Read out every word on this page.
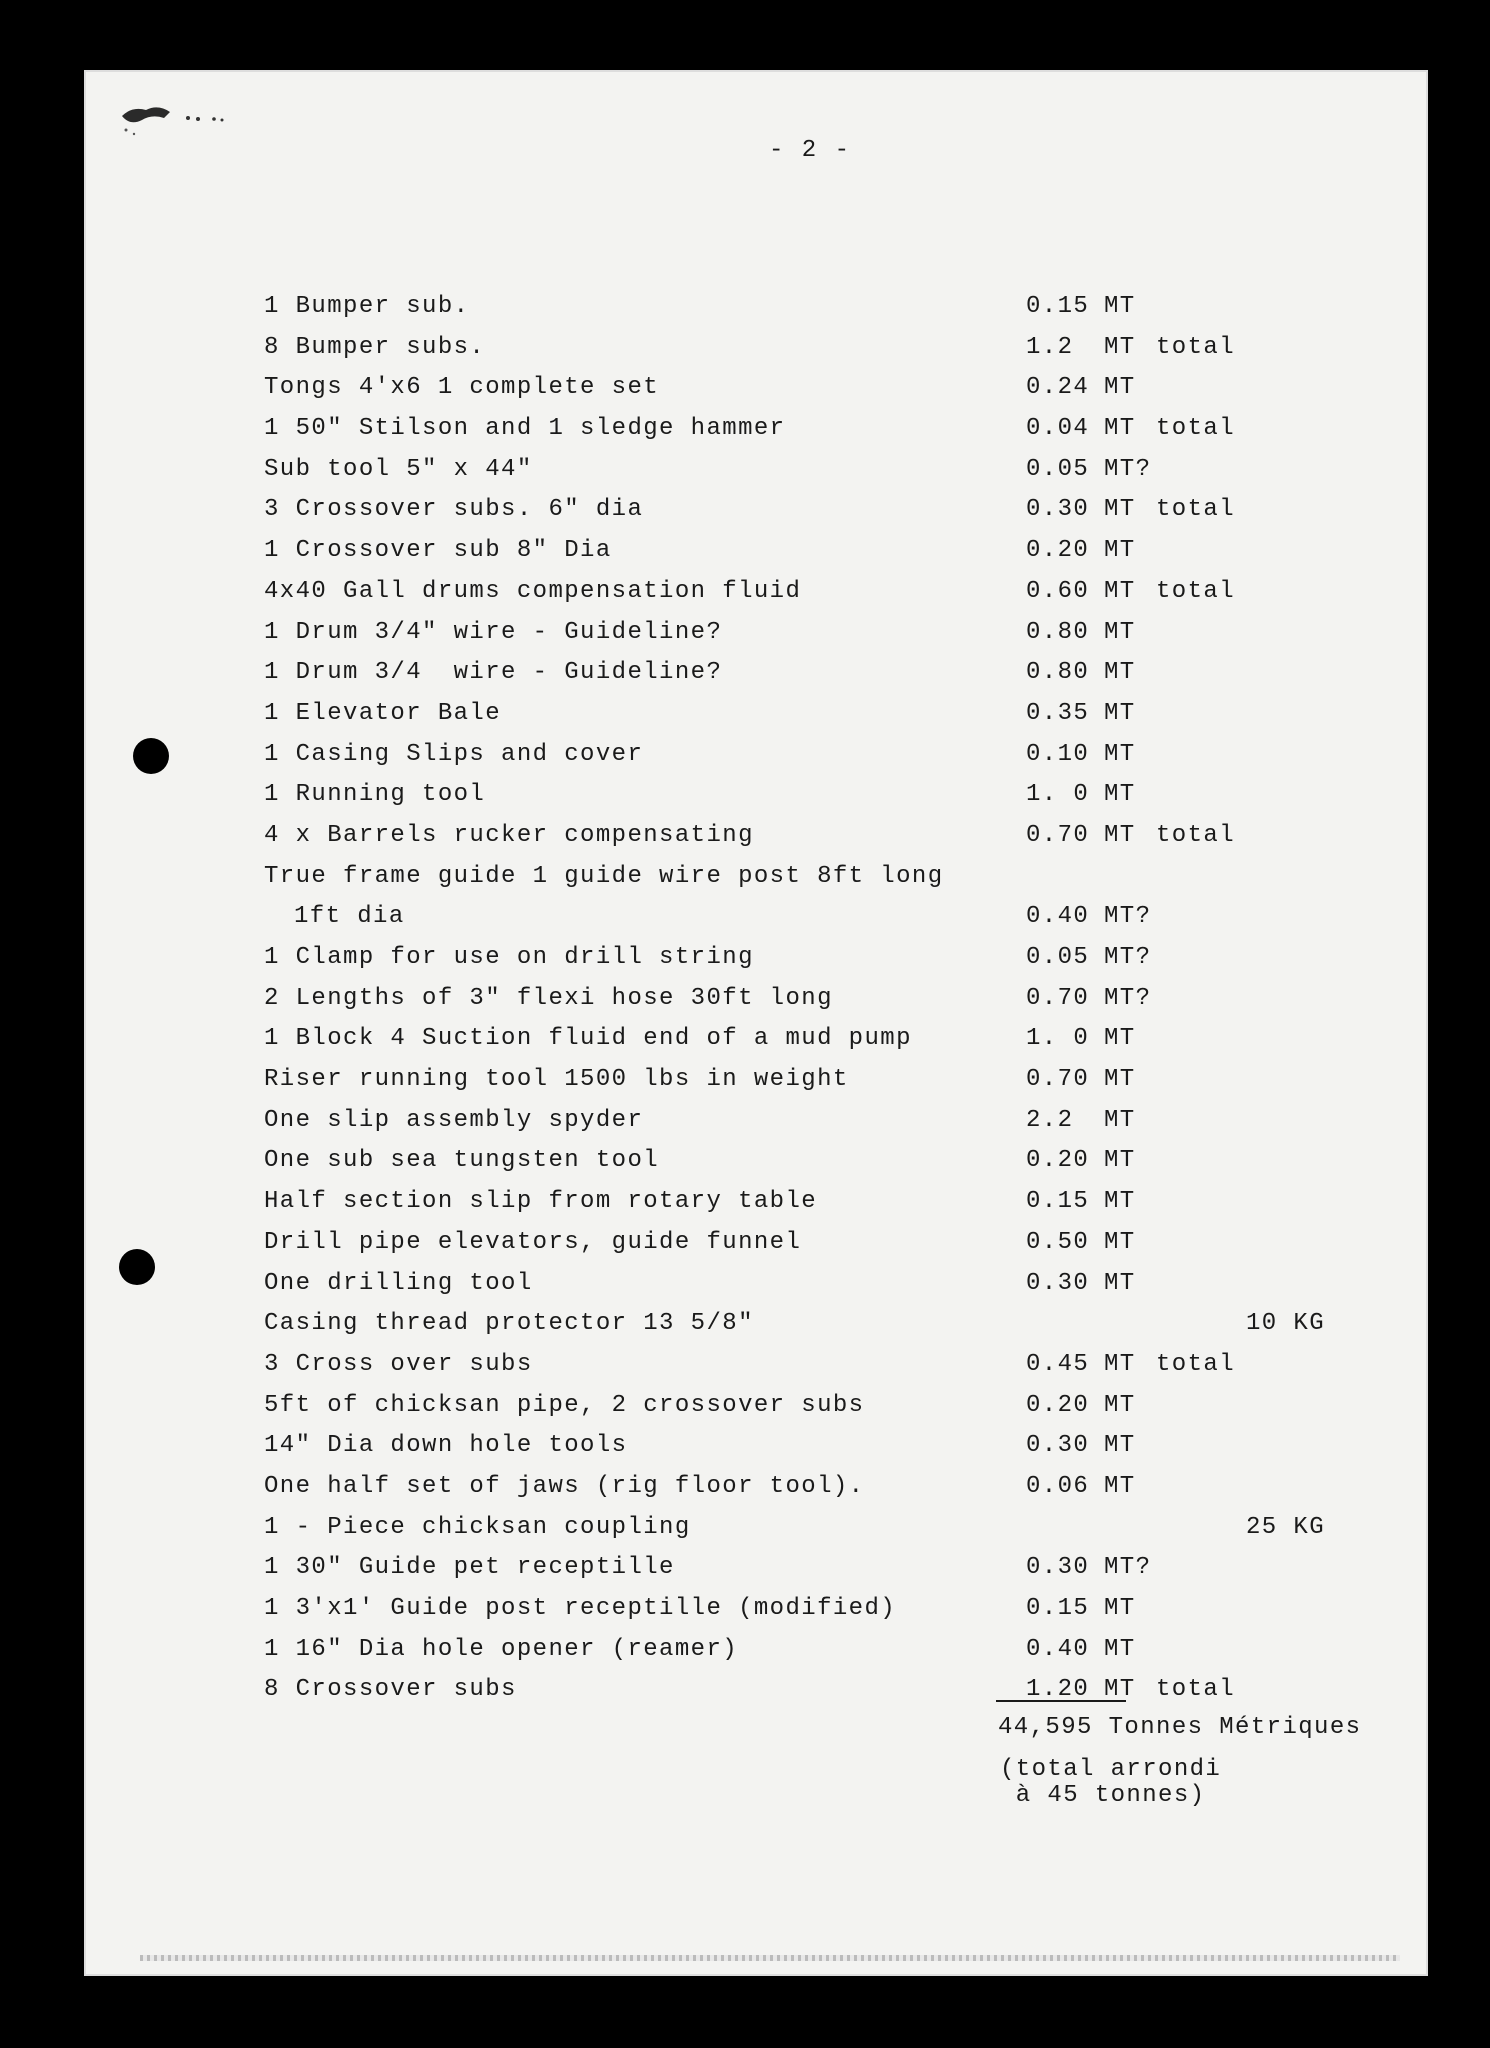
- 2 -
1 Bumper sub.	0.15 MT
8 Bumper subs.	1.2 MT total
Tongs 4'x6 1 complete set	0.24 MT
1 50" Stilson and 1 sledge hammer	0.04 MT total
Sub tool 5" x 44"	0.05 MT?
3 Crossover subs. 6" dia	0.30 MT total
1 Crossover sub 8" Dia	0.20 MT
4x40 Gall drums compensation fluid	0.60 MT total
1 Drum 3/4" wire - Guideline?	0.80 MT
1 Drum 3/4  wire - Guideline?	0.80 MT
1 Elevator Bale	0.35 MT
1 Casing Slips and cover	0.10 MT
1 Running tool	1. 0 MT
4 x Barrels rucker compensating	0.70 MT total
True frame guide 1 guide wire post 8ft long
1ft dia	0.40 MT?
1 Clamp for use on drill string	0.05 MT?
2 Lengths of 3" flexi hose 30ft long	0.70 MT?
1 Block 4 Suction fluid end of a mud pump	1. 0 MT
Riser running tool 1500 lbs in weight	0.70 MT
One slip assembly spyder	2.2 MT
One sub sea tungsten tool	0.20 MT
Half section slip from rotary table	0.15 MT
Drill pipe elevators, guide funnel	0.50 MT
One drilling tool	0.30 MT
Casing thread protector 13 5/8"	10 KG
3 Cross over subs	0.45 MT total
5ft of chicksan pipe, 2 crossover subs	0.20 MT
14" Dia down hole tools	0.30 MT
One half set of jaws (rig floor tool).	0.06 MT
1 - Piece chicksan coupling	25 KG
1 30" Guide pet receptille	0.30 MT?
1 3'x1' Guide post receptille (modified)	0.15 MT
1 16" Dia hole opener (reamer)	0.40 MT
8 Crossover subs	1.20 MT total
44,595 Tonnes Métriques
(total arrondi
à 45 tonnes)
